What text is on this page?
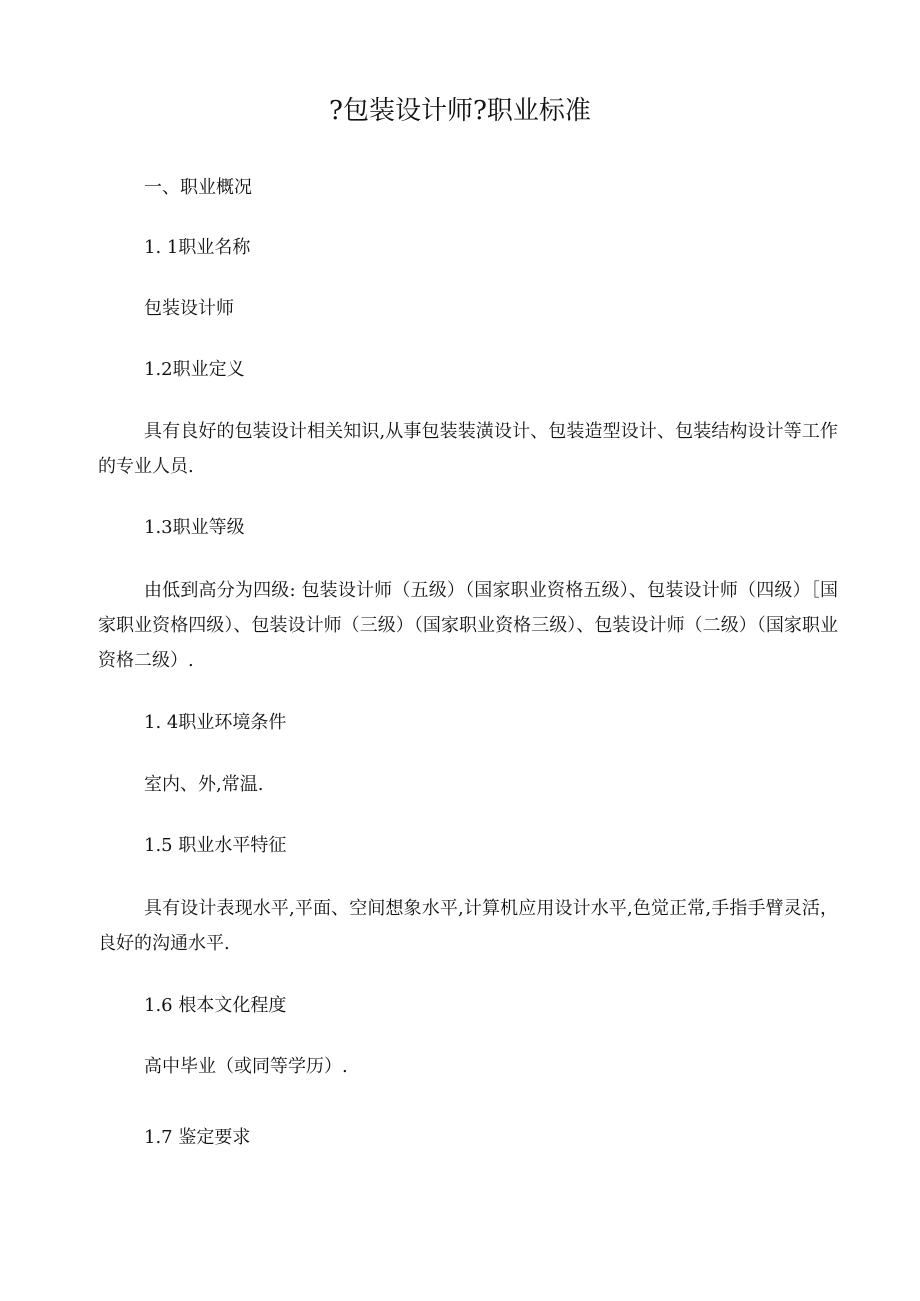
?包装设计师?职业标准
一、职业概况
1. 1职业名称
包装设计师
1.2职业定义
具有良好的包装设计相关知识,从事包装装潢设计、包装造型设计、包装结构设计等工作的专业人员.
1.3职业等级
由低到高分为四级: 包装设计师（五级）（国家职业资格五级）、包装设计师（四级）［国家职业资格四级）、包装设计师（三级）（国家职业资格三级）、包装设计师（二级）（国家职业资格二级）.
1. 4职业环境条件
室内、外,常温.
1.5 职业水平特征
具有设计表现水平,平面、空间想象水平,计算机应用设计水平,色觉正常,手指手臂灵活，良好的沟通水平.
1.6 根本文化程度
高中毕业（或同等学历）.
1.7 鉴定要求
